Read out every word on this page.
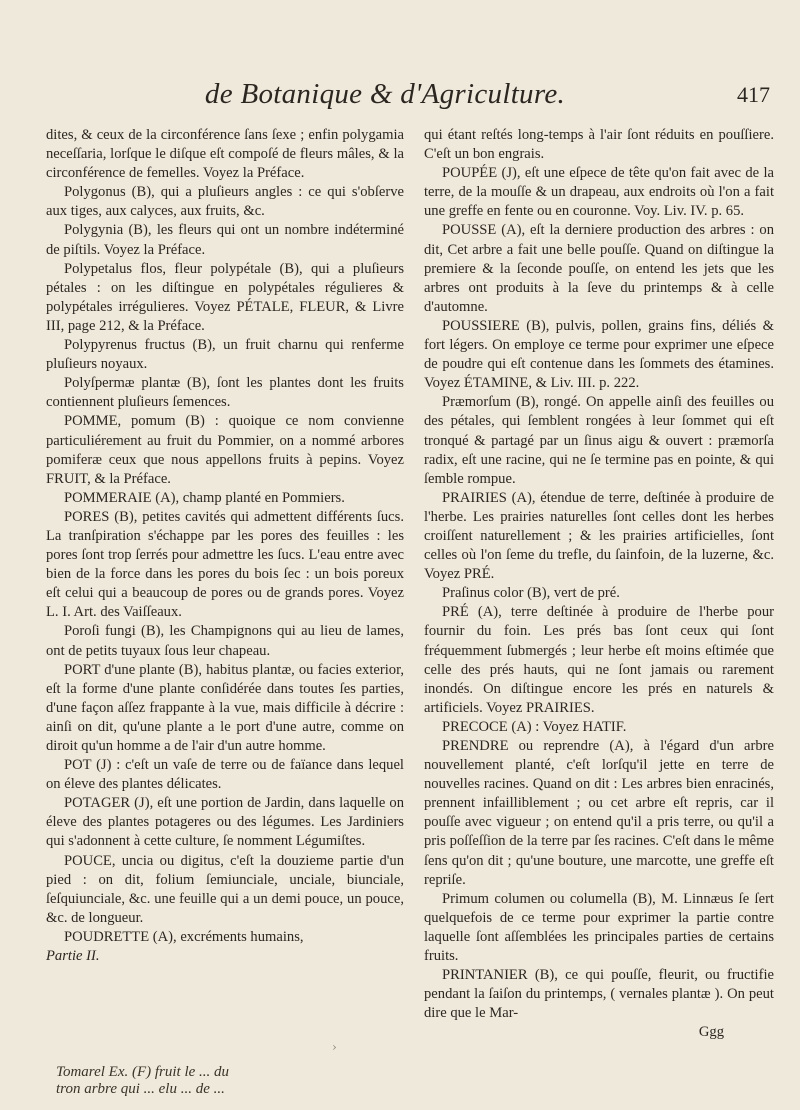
de Botanique & d'Agriculture.	417

dites, & ceux de la circonférence ſans ſexe ; enfin polygamia neceſſaria, lorſque le diſque eſt compoſé de fleurs mâles, & la circonférence de femelles. Voyez la Préface.

Polygonus (B), qui a pluſieurs angles : ce qui s'obſerve aux tiges, aux calyces, aux fruits, &c.

Polygynia (B), les fleurs qui ont un nombre indéterminé de piſtils. Voyez la Préface.

Polypetalus flos, fleur polypétale (B), qui a pluſieurs pétales : on les diſtingue en polypétales régulieres & polypétales irrégulieres. Voyez PÉTALE, FLEUR, & Livre III, page 212, & la Préface.

Polypyrenus fructus (B), un fruit charnu qui renferme pluſieurs noyaux.

Polyſpermæ plantæ (B), ſont les plantes dont les fruits contiennent pluſieurs ſemences.

POMME, pomum (B) : quoique ce nom convienne particuliérement au fruit du Pommier, on a nommé arbores pomiferæ ceux que nous appellons fruits à pepins. Voyez FRUIT, & la Préface.

POMMERAIE (A), champ planté en Pommiers.

PORES (B), petites cavités qui admettent différents ſucs. La tranſpiration s'échappe par les pores des feuilles : les pores ſont trop ſerrés pour admettre les ſucs. L'eau entre avec bien de la force dans les pores du bois ſec : un bois poreux eſt celui qui a beaucoup de pores ou de grands pores. Voyez L. I. Art. des Vaiſſeaux.

Poroſi fungi (B), les Champignons qui au lieu de lames, ont de petits tuyaux ſous leur chapeau.

PORT d'une plante (B), habitus plantæ, ou facies exterior, eſt la forme d'une plante conſidérée dans toutes ſes parties, d'une façon aſſez frappante à la vue, mais difficile à décrire : ainſi on dit, qu'une plante a le port d'une autre, comme on diroit qu'un homme a de l'air d'un autre homme.

POT (J) : c'eſt un vaſe de terre ou de faïance dans lequel on éleve des plantes délicates.

POTAGER (J), eſt une portion de Jardin, dans laquelle on éleve des plantes potageres ou des légumes. Les Jardiniers qui s'adonnent à cette culture, ſe nomment Légumiſtes.

POUCE, uncia ou digitus, c'eſt la douzieme partie d'un pied : on dit, folium ſemiunciale, unciale, biunciale, ſeſquiunciale, &c. une feuille qui a un demi pouce, un pouce, &c. de longueur.

POUDRETTE (A), excréments humains,

Partie II.

qui étant reſtés long-temps à l'air ſont réduits en pouſſiere. C'eſt un bon engrais.

POUPÉE (J), eſt une eſpece de tête qu'on fait avec de la terre, de la mouſſe & un drapeau, aux endroits où l'on a fait une greffe en fente ou en couronne. Voy. Liv. IV. p. 65.

POUSSE (A), eſt la derniere production des arbres : on dit, Cet arbre a fait une belle pouſſe. Quand on diſtingue la premiere & la ſeconde pouſſe, on entend les jets que les arbres ont produits à la ſeve du printemps & à celle d'automne.

POUSSIERE (B), pulvis, pollen, grains fins, déliés & fort légers. On employe ce terme pour exprimer une eſpece de poudre qui eſt contenue dans les ſommets des étamines. Voyez ÉTAMINE, & Liv. III. p. 222.

Præmorſum (B), rongé. On appelle ainſi des feuilles ou des pétales, qui ſemblent rongées à leur ſommet qui eſt tronqué & partagé par un ſinus aigu & ouvert : præmorſa radix, eſt une racine, qui ne ſe termine pas en pointe, & qui ſemble rompue.

PRAIRIES (A), étendue de terre, deſtinée à produire de l'herbe. Les prairies naturelles ſont celles dont les herbes croiſſent naturellement ; & les prairies artificielles, ſont celles où l'on ſeme du trefle, du ſainfoin, de la luzerne, &c. Voyez PRÉ.

Praſinus color (B), vert de pré.

PRÉ (A), terre deſtinée à produire de l'herbe pour fournir du foin. Les prés bas ſont ceux qui ſont fréquemment ſubmergés ; leur herbe eſt moins eſtimée que celle des prés hauts, qui ne ſont jamais ou rarement inondés. On diſtingue encore les prés en naturels & artificiels. Voyez PRAIRIES.

PRECOCE (A) : Voyez HATIF.

PRENDRE ou reprendre (A), à l'égard d'un arbre nouvellement planté, c'eſt lorſqu'il jette en terre de nouvelles racines. Quand on dit : Les arbres bien enracinés, prennent infailliblement ; ou cet arbre eſt repris, car il pouſſe avec vigueur ; on entend qu'il a pris terre, ou qu'il a pris poſſeſſion de la terre par ſes racines. C'eſt dans le même ſens qu'on dit ; qu'une bouture, une marcotte, une greffe eſt repriſe.

Primum columen ou columella (B), M. Linnæus ſe ſert quelquefois de ce terme pour exprimer la partie contre laquelle ſont aſſemblées les principales parties de certains fruits.

PRINTANIER (B), ce qui pouſſe, fleurit, ou fructifie pendant la ſaiſon du printemps, ( vernales plantæ ). On peut dire que le Mar-

Ggg

›
Tomarel Ex. (F) fruit le ... du
tron arbre qui ... elu ... de ...
